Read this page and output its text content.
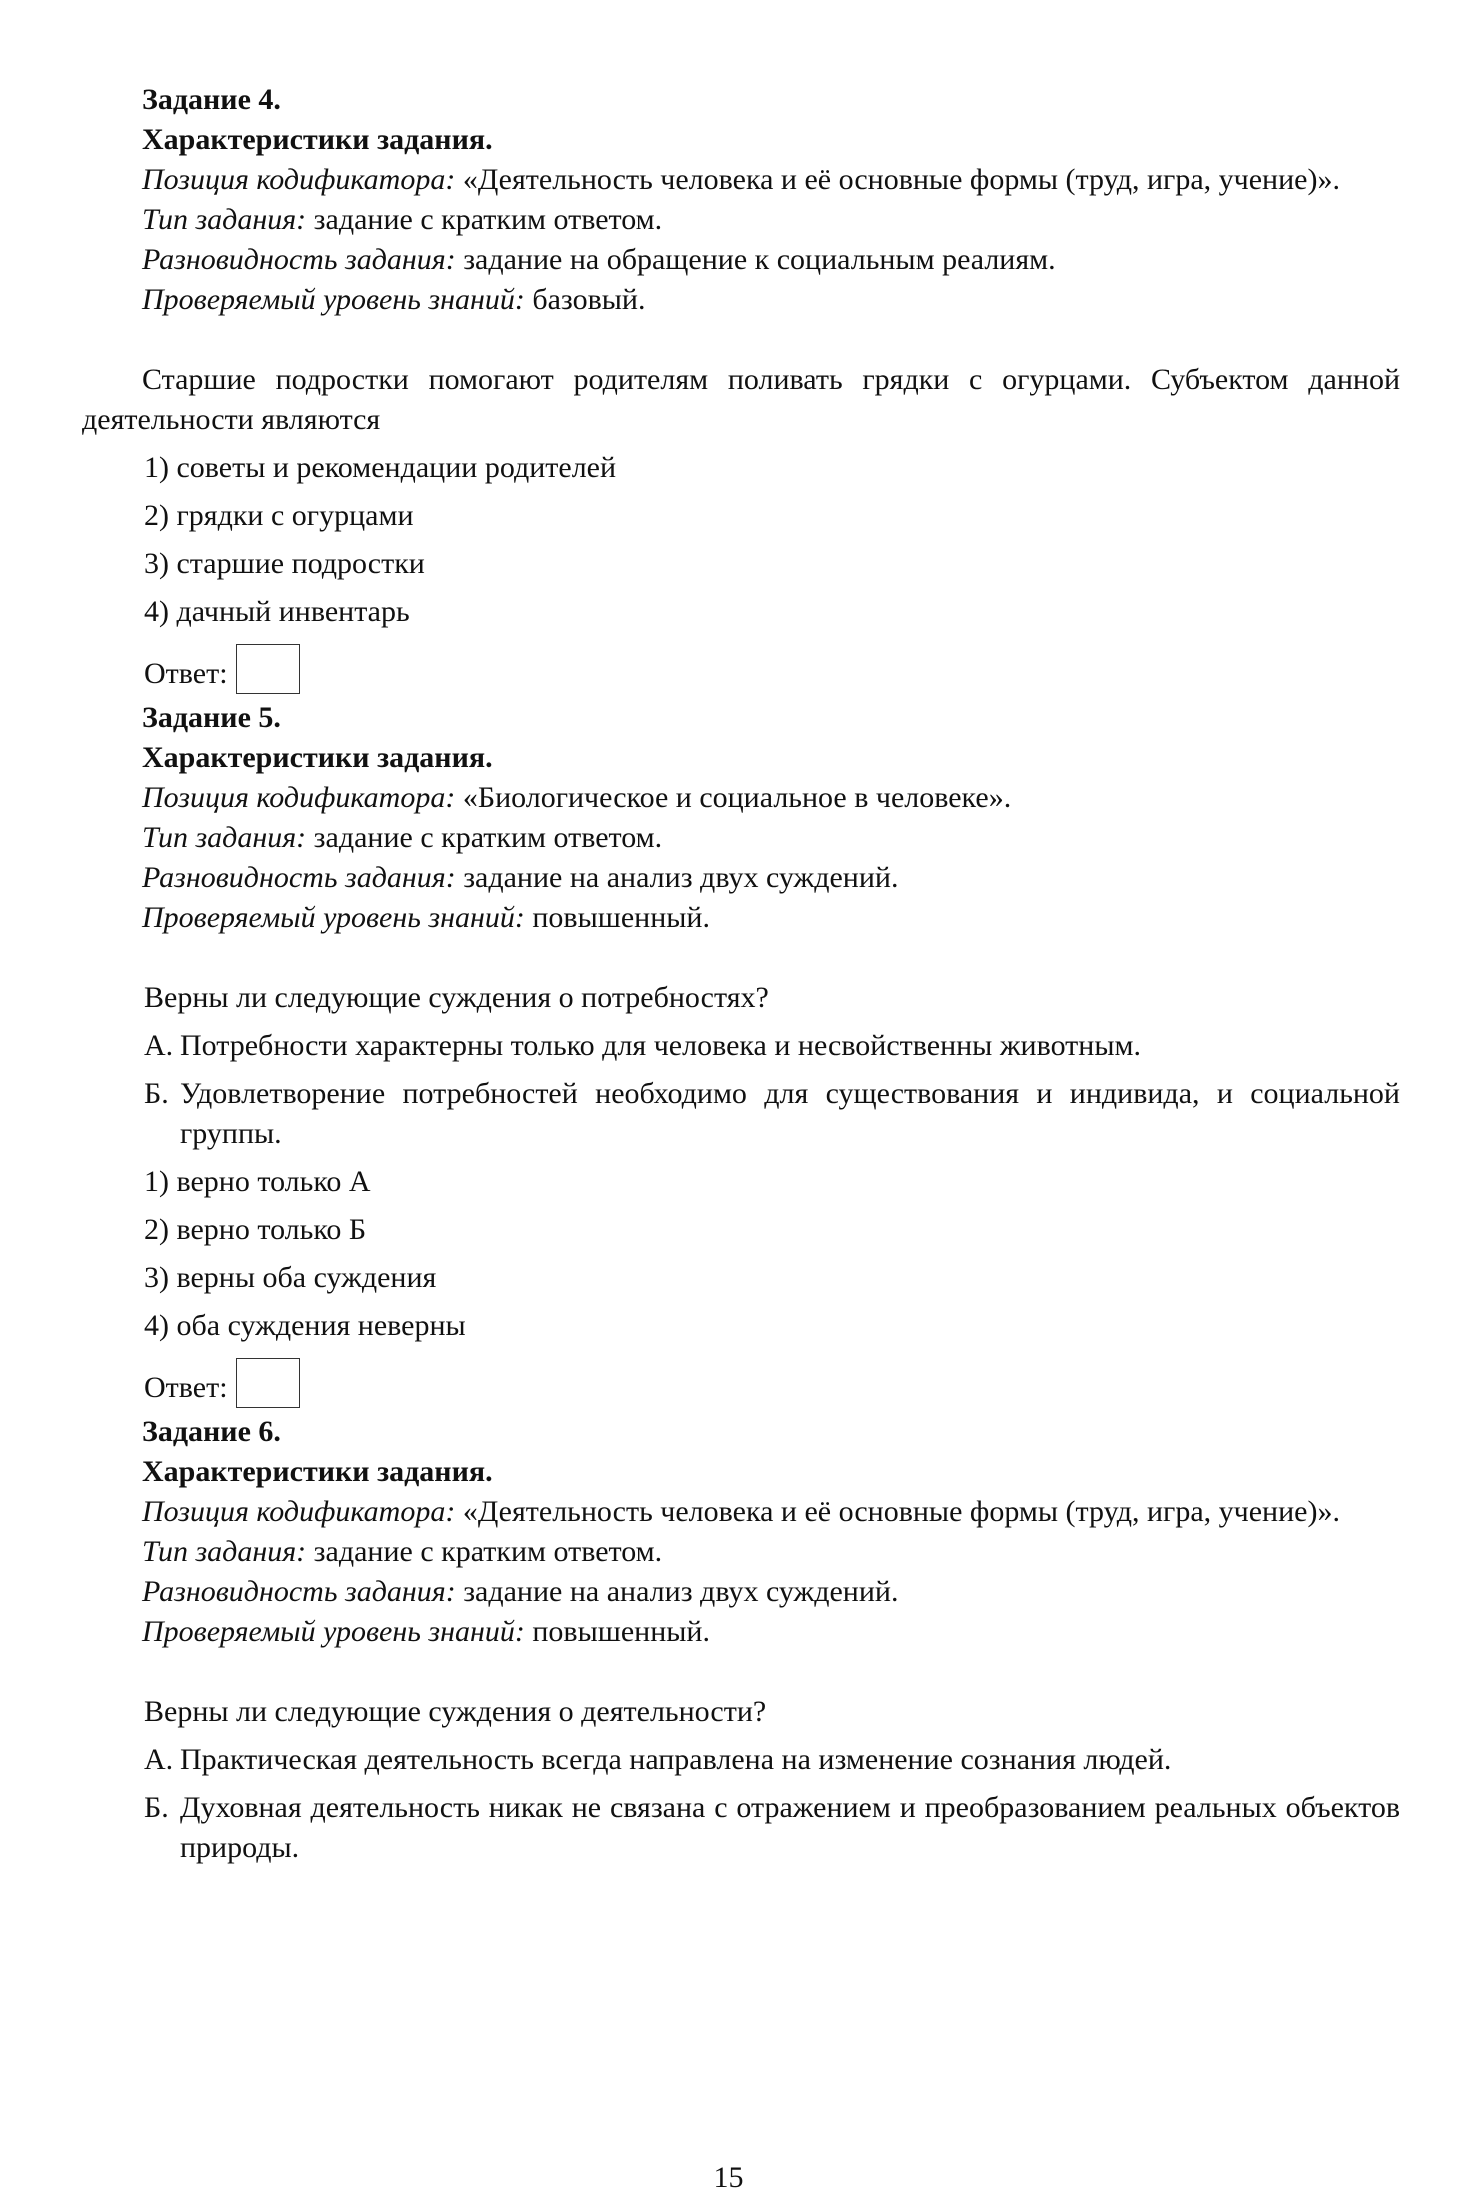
Задание 4.
Характеристики задания.
Позиция кодификатора: «Деятельность человека и её основные формы (труд, игра, учение)».
Тип задания: задание с кратким ответом.
Разновидность задания: задание на обращение к социальным реалиям.
Проверяемый уровень знаний: базовый.
Старшие подростки помогают родителям поливать грядки с огурцами. Субъектом данной деятельности являются
1) советы и рекомендации родителей
2) грядки с огурцами
3) старшие подростки
4) дачный инвентарь
Ответ:
Задание 5.
Характеристики задания.
Позиция кодификатора: «Биологическое и социальное в человеке».
Тип задания: задание с кратким ответом.
Разновидность задания: задание на анализ двух суждений.
Проверяемый уровень знаний: повышенный.
Верны ли следующие суждения о потребностях?
А. Потребности характерны только для человека и несвойственны животным.
Б. Удовлетворение потребностей необходимо для существования и индивида, и социальной группы.
1) верно только А
2) верно только Б
3) верны оба суждения
4) оба суждения неверны
Ответ:
Задание 6.
Характеристики задания.
Позиция кодификатора: «Деятельность человека и её основные формы (труд, игра, учение)».
Тип задания: задание с кратким ответом.
Разновидность задания: задание на анализ двух суждений.
Проверяемый уровень знаний: повышенный.
Верны ли следующие суждения о деятельности?
А. Практическая деятельность всегда направлена на изменение сознания людей.
Б. Духовная деятельность никак не связана с отражением и преобразованием реальных объектов природы.
15
